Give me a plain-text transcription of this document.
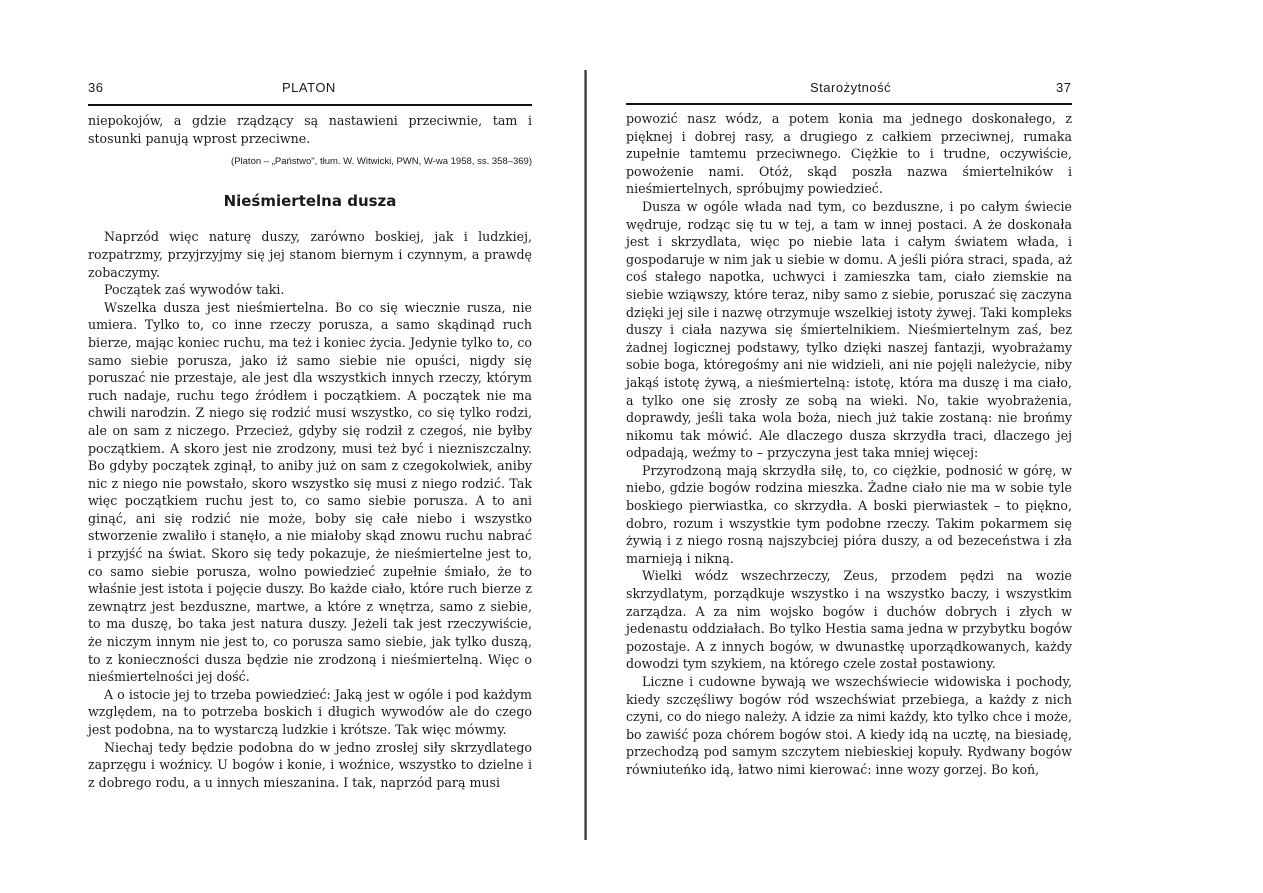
36	PLATON

niepokojów, a gdzie rządzący są nastawieni przeciwnie, tam i stosunki panują wprost przeciwne.

(Platon – „Państwo", tłum. W. Witwicki, PWN, W-wa 1958, ss. 358–369)

Nieśmiertelna dusza

Naprzód więc naturę duszy, zarówno boskiej, jak i ludzkiej, rozpatrzmy, przyjrzyjmy się jej stanom biernym i czynnym, a prawdę zobaczymy.

Początek zaś wywodów taki.

Wszelka dusza jest nieśmiertelna. Bo co się wiecznie rusza, nie umiera. Tylko to, co inne rzeczy porusza, a samo skądinąd ruch bierze, mając koniec ruchu, ma też i koniec życia. Jedynie tylko to, co samo siebie porusza, jako iż samo siebie nie opuści, nigdy się poruszać nie przestaje, ale jest dla wszystkich innych rzeczy, którym ruch nadaje, ruchu tego źródłem i początkiem. A początek nie ma chwili narodzin. Z niego się rodzić musi wszystko, co się tylko rodzi, ale on sam z niczego. Przecież, gdyby się rodził z czegoś, nie byłby początkiem. A skoro jest nie zrodzony, musi też być i niezniszczalny. Bo gdyby początek zginął, to aniby już on sam z czegokolwiek, aniby nic z niego nie powstało, skoro wszystko się musi z niego rodzić. Tak więc początkiem ruchu jest to, co samo siebie porusza. A to ani ginąć, ani się rodzić nie może, boby się całe niebo i wszystko stworzenie zwaliło i stanęło, a nie miałoby skąd znowu ruchu nabrać i przyjść na świat. Skoro się tedy pokazuje, że nieśmiertelne jest to, co samo siebie porusza, wolno powiedzieć zupełnie śmiało, że to właśnie jest istota i pojęcie duszy. Bo każde ciało, które ruch bierze z zewnątrz jest bezduszne, martwe, a które z wnętrza, samo z siebie, to ma duszę, bo taka jest natura duszy. Jeżeli tak jest rzeczywiście, że niczym innym nie jest to, co porusza samo siebie, jak tylko duszą, to z konieczności dusza będzie nie zrodzoną i nieśmiertelną. Więc o nieśmiertelności jej dość.

A o istocie jej to trzeba powiedzieć: Jaką jest w ogóle i pod każdym względem, na to potrzeba boskich i długich wywodów ale do czego jest podobna, na to wystarczą ludzkie i krótsze. Tak więc mówmy.

Niechaj tedy będzie podobna do w jedno zrosłej siły skrzydlatego zaprzęgu i woźnicy. U bogów i konie, i woźnice, wszystko to dzielne i z dobrego rodu, a u innych mieszanina. I tak, naprzód parą musi

Starożytność	37

powozić nasz wódz, a potem konia ma jednego doskonałego, z pięknej i dobrej rasy, a drugiego z całkiem przeciwnej, rumaka zupełnie tamtemu przeciwnego. Ciężkie to i trudne, oczywiście, powożenie nami. Otóż, skąd poszła nazwa śmiertelników i nieśmiertelnych, spróbujmy powiedzieć.

Dusza w ogóle włada nad tym, co bezduszne, i po całym świecie wędruje, rodząc się tu w tej, a tam w innej postaci. A że doskonała jest i skrzydlata, więc po niebie lata i całym światem włada, i gospodaruje w nim jak u siebie w domu. A jeśli pióra straci, spada, aż coś stałego napotka, uchwyci i zamieszka tam, ciało ziemskie na siebie wziąwszy, które teraz, niby samo z siebie, poruszać się zaczyna dzięki jej sile i nazwę otrzymuje wszelkiej istoty żywej. Taki kompleks duszy i ciała nazywa się śmiertelnikiem. Nieśmiertelnym zaś, bez żadnej logicznej podstawy, tylko dzięki naszej fantazji, wyobrażamy sobie boga, któregośmy ani nie widzieli, ani nie pojęli należycie, niby jakąś istotę żywą, a nieśmiertelną: istotę, która ma duszę i ma ciało, a tylko one się zrosły ze sobą na wieki. No, takie wyobrażenia, doprawdy, jeśli taka wola boża, niech już takie zostaną: nie brońmy nikomu tak mówić. Ale dlaczego dusza skrzydła traci, dlaczego jej odpadają, weźmy to – przyczyna jest taka mniej więcej:

Przyrodzoną mają skrzydła siłę, to, co ciężkie, podnosić w górę, w niebo, gdzie bogów rodzina mieszka. Żadne ciało nie ma w sobie tyle boskiego pierwiastka, co skrzydła. A boski pierwiastek – to piękno, dobro, rozum i wszystkie tym podobne rzeczy. Takim pokarmem się żywią i z niego rosną najszybciej pióra duszy, a od bezeceństwa i zła marnieją i nikną.

Wielki wódz wszechrzeczy, Zeus, przodem pędzi na wozie skrzydlatym, porządkuje wszystko i na wszystko baczy, i wszystkim zarządza. A za nim wojsko bogów i duchów dobrych i złych w jedenastu oddziałach. Bo tylko Hestia sama jedna w przybytku bogów pozostaje. A z innych bogów, w dwunastkę uporządkowanych, każdy dowodzi tym szykiem, na którego czele został postawiony.

Liczne i cudowne bywają we wszechświecie widowiska i pochody, kiedy szczęśliwy bogów ród wszechświat przebiega, a każdy z nich czyni, co do niego należy. A idzie za nimi każdy, kto tylko chce i może, bo zawiść poza chórem bogów stoi. A kiedy idą na ucztę, na biesiadę, przechodzą pod samym szczytem niebieskiej kopuły. Rydwany bogów równiuteńko idą, łatwo nimi kierować: inne wozy gorzej. Bo koń,
